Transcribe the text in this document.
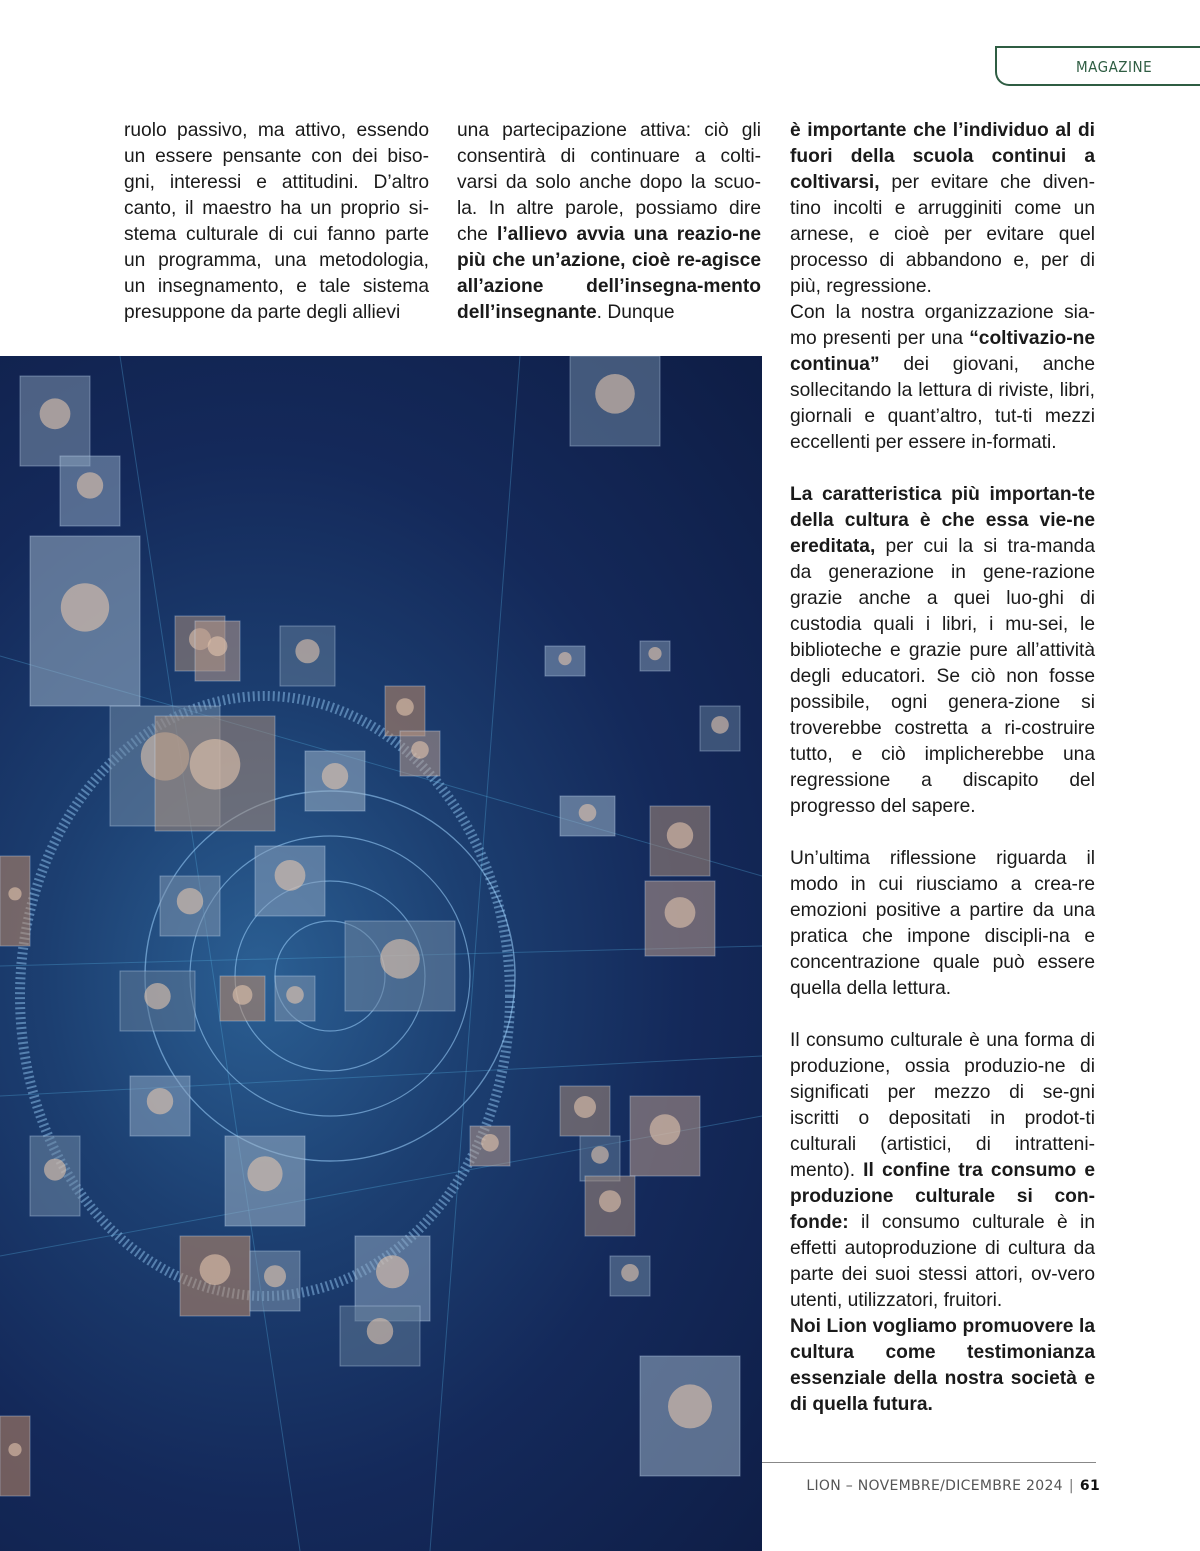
MAGAZINE

ruolo passivo, ma attivo, essendo un essere pensante con dei biso-gni, interessi e attitudini. D’altro canto, il maestro ha un proprio si-stema culturale di cui fanno parte un programma, una metodologia, un insegnamento, e tale sistema presuppone da parte degli allievi

una partecipazione attiva: ciò gli consentirà di continuare a colti-varsi da solo anche dopo la scuo-la. In altre parole, possiamo dire che l’allievo avvia una reazio-ne più che un’azione, cioè re-agisce all’azione dell’insegna-mento dell’insegnante. Dunque

è importante che l’individuo al di fuori della scuola continui a coltivarsi, per evitare che diven-tino incolti e arrugginiti come un arnese, e cioè per evitare quel processo di abbandono e, per di più, regressione.

Con la nostra organizzazione sia-mo presenti per una “coltivazio-ne continua” dei giovani, anche sollecitando la lettura di riviste, libri, giornali e quant’altro, tut-ti mezzi eccellenti per essere in-formati.

La caratteristica più importan-te della cultura è che essa vie-ne ereditata, per cui la si tra-manda da generazione in gene-razione grazie anche a quei luo-ghi di custodia quali i libri, i mu-sei, le biblioteche e grazie pure all’attività degli educatori. Se ciò non fosse possibile, ogni genera-zione si troverebbe costretta a ri-costruire tutto, e ciò implicherebbe una regressione a discapito del progresso del sapere.

Un’ultima riflessione riguarda il modo in cui riusciamo a crea-re emozioni positive a partire da una pratica che impone discipli-na e concentrazione quale può essere quella della lettura.

Il consumo culturale è una forma di produzione, ossia produzio-ne di significati per mezzo di se-gni iscritti o depositati in prodot-ti culturali (artistici, di intratteni-mento). Il confine tra consumo e produzione culturale si con-fonde: il consumo culturale è in effetti autoproduzione di cultura da parte dei suoi stessi attori, ov-vero utenti, utilizzatori, fruitori.

Noi Lion vogliamo promuovere la cultura come testimonianza essenziale della nostra società e di quella futura.

LION – NOVEMBRE/DICEMBRE 2024 | 61
